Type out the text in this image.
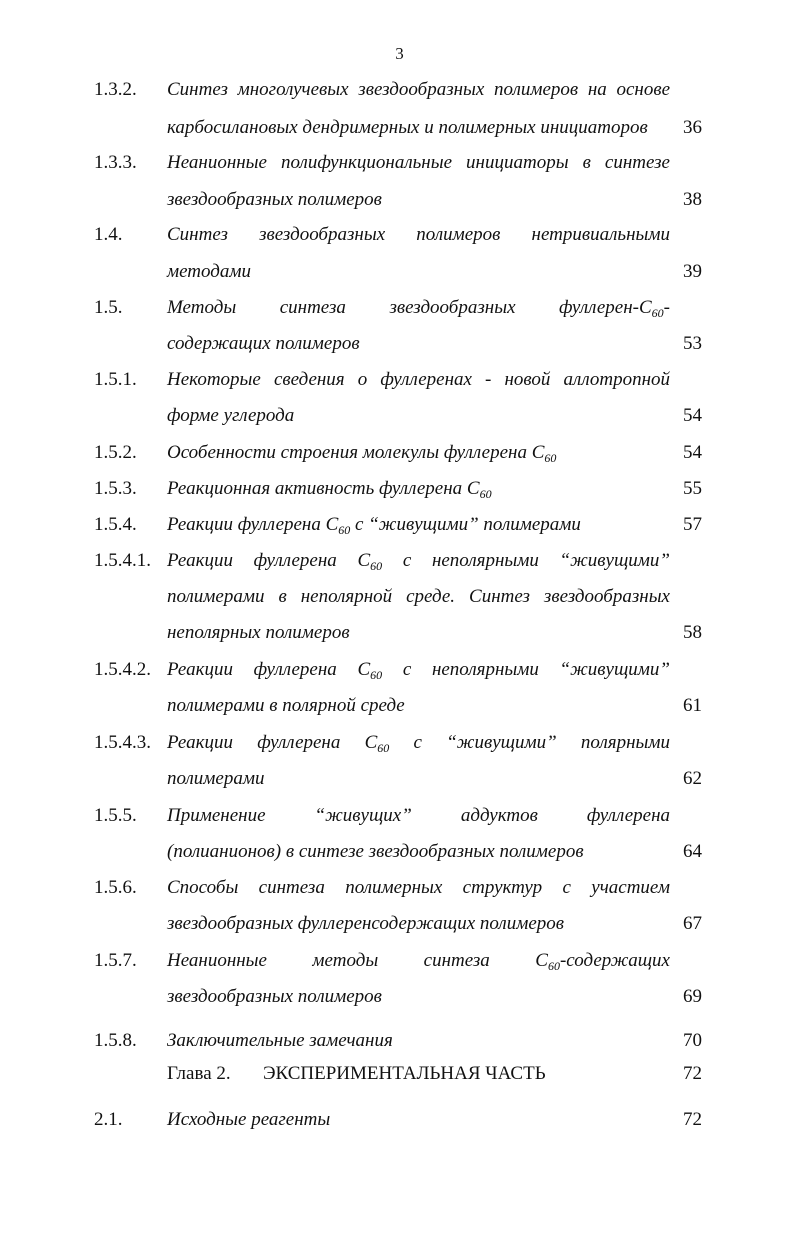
3
1.3.2. Синтез многолучевых звездообразных полимеров на основе
карбосилановых дендримерных и полимерных инициаторов	36
1.3.3. Неанионные полифункциональные инициаторы в синтезе
звездообразных полимеров	38
1.4. Синтез звездообразных полимеров нетривиальными
методами	39
1.5. Методы синтеза звездообразных фуллерен-$C_{60}-$
содержащих полимеров	53
1.5.1. Некоторые сведения о фуллеренах - новой аллотропной
форме углерода	54
1.5.2. Особенности строения молекулы фуллерена $C_{60}$	54
1.5.3. Реакционная активность фуллерена $C_{60}$	55
1.5.4. Реакции фуллерена $C_{60}$ с “живущими” полимерами	57
1.5.4.1. Реакции фуллерена $C_{60}$ с неполярными “живущими”
полимерами в неполярной среде. Синтез звездообразных
неполярных полимеров	58
1.5.4.2. Реакции фуллерена $C_{60}$ с неполярными “живущими”
полимерами в полярной среде	61
1.5.4.3. Реакции фуллерена $C_{60}$ с “живущими” полярными
полимерами	62
1.5.5. Применение “живущих” аддуктов фуллерена
(полианионов) в синтезе звездообразных полимеров	64
1.5.6. Способы синтеза полимерных структур с участием
звездообразных фуллеренсодержащих полимеров	67
1.5.7. Неанионные методы синтеза $C_{60}$-содержащих
звездообразных полимеров	69
1.5.8. Заключительные замечания	70
Глава 2. ЭКСПЕРИМЕНТАЛЬНАЯ ЧАСТЬ	72
2.1. Исходные реагенты	72
